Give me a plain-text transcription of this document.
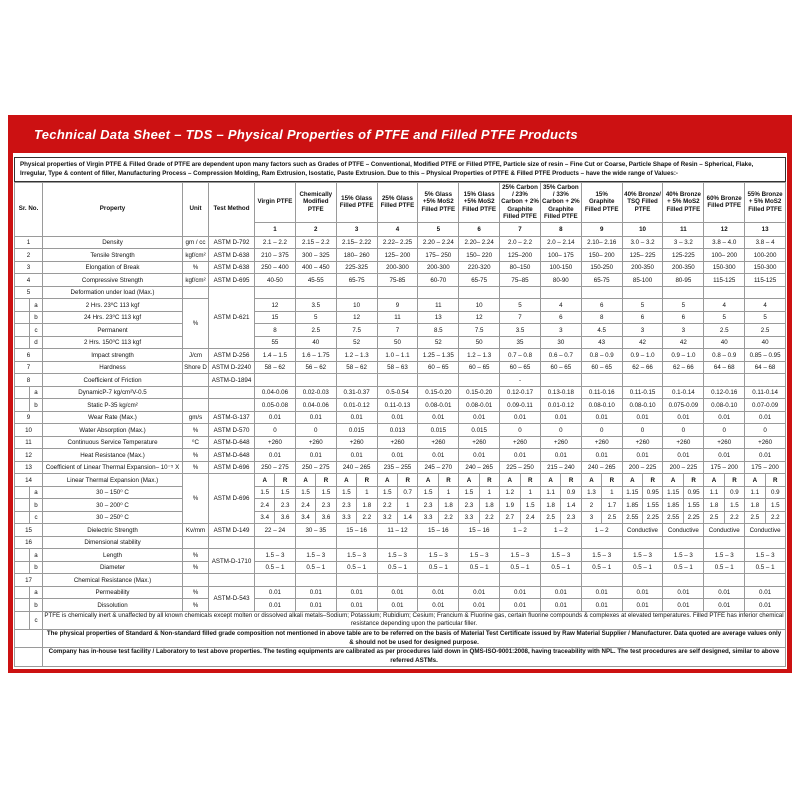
Technical Data Sheet – TDS – Physical Properties of PTFE and Filled PTFE Products
Physical properties of Virgin PTFE & Filled Grade of PTFE are dependent upon many factors such as Grades of PTFE – Conventional, Modified PTFE or Filled PTFE, Particle size of resin – Fine Cut or Coarse, Particle Shape of Resin – Spherical, Flake, Irregular, Type & content of filler, Manufacturing Process – Compression Molding, Ram Extrusion, Isostatic, Paste Extrusion. Due to this – Physical Properties of PTFE & Filled PTFE Products – have the wide range of Values:-
Sr. No.		Property	Unit	Test Method	Virgin PTFE		Chemically Modified PTFE		15% Glass Filled PTFE		25% Glass Filled PTFE		5% Glass +5% MoS2 Filled PTFE		15% Glass +5% MoS2 Filled PTFE		25% Carbon / 23% Carbon + 2% Graphite Filled PTFE		35% Carbon / 33% Carbon + 2% Graphite Filled PTFE		15% Graphite Filled PTFE		40% Bronze/ TSQ Filled PTFE		40% Bronze + 5% MoS2 Filled PTFE		60% Bronze Filled PTFE		55% Bronze + 5% MoS2 Filled PTFE	
					1		2		3		4		5		6		7		8		9		10		11		12		13	
1		Density	gm / cc	ASTM D-792	2.1 – 2.2		2.15 – 2.2		2.15– 2.22		2.22– 2.25		2.20 – 2.24		2.20– 2.24		2.0 – 2.2		2.0 – 2.14		2.10– 2.16		3.0 – 3.2		3 – 3.2		3.8 – 4.0		3.8 – 4	
2		Tensile Strength	kgf/cm²	ASTM D-638	210 – 375		300 – 325		180– 260		125– 200		175– 250		150– 220		125–200		100– 175		150– 200		125– 225		125-225		100– 200		100-200	
3		Elongation of Break	%	ASTM D-638	250 – 400		400 – 450		225-325		200-300		200-300		220-320		80–150		100-150		150-250		200-350		200-350		150-300		150-300	
4		Compressive Strength	kgf/cm²	ASTM D-695	40-50		45-55		65-75		75-85		60-70		65-75		75–85		80-90		65-75		85-100		80-95		115-125		115-125	
5		Deformation under load (Max.)		ASTM D-621																										
	a	2 Hrs. 23⁰C 113 kgf	%		12		3.5		10		9		11		10		5		4		6		5		5		4		4	
	b	24 Hrs. 23⁰C 113 kgf			15		5		12		11		13		12		7		6		8		6		6		5		5	
	c	Permanent			8		2.5		7.5		7		8.5		7.5		3.5		3		4.5		3		3		2.5		2.5	
	d	2 Hrs. 150⁰C 113 kgf			55		40		52		50		52		50		35		30		43		42		42		40		40	
6		Impact strength	J/cm	ASTM D-256	1.4 – 1.5		1.6 – 1.75		1.2 – 1.3		1.0 – 1.1		1.25 – 1.35		1.2 – 1.3		0.7 – 0.8		0.6 – 0.7		0.8 – 0.9		0.9 – 1.0		0.9 – 1.0		0.8 – 0.9		0.85 – 0.95	
7		Hardness	Shore D	ASTM D-2240	58 – 62		56 – 62		58 – 62		58 – 63		60 – 65		60 – 65		60 – 65		60 – 65		60 – 65		62 – 66		62 – 66		64 – 68		64 – 68	
8		Coefficient of Friction		ASTM-D-1894													-													
	a	DynamicP-7 kg/cm²V-0.5			0.04-0.06		0.02-0.03		0.31-0.37		0.5-0.54		0.15-0.20		0.15-0.20		0.12-0.17		0.13-0.18		0.11-0.16		0.11-0.15		0.1-0.14		0.12-0.16		0.11-0.14	
	b	Static P-35 kg/cm²			0.05-0.08		0.04-0.06		0.01-0.12		0.11-0.13		0.08-0.01		0.08-0.01		0.09-0.11		0.01-0.12		0.08-0.10		0.08-0.10		0.075-0.09		0.08-0.10		0.07-0.09	
9		Wear Rate (Max.)	gm/s	ASTM-G-137	0.01		0.01		0.01		0.01		0.01		0.01		0.01		0.01		0.01		0.01		0.01		0.01		0.01	
10		Water Absorption (Max.)	%	ASTM D-570	0		0		0.015		0.013		0.015		0.015		0		0		0		0		0		0		0	
11		Continuous Service Temperature	⁰C	ASTM-D-648	+260		+260		+260		+260		+260		+260		+260		+260		+260		+260		+260		+260		+260	
12		Heat Resistance (Max.)	%	ASTM-D-648	0.01		0.01		0.01		0.01		0.01		0.01		0.01		0.01		0.01		0.01		0.01		0.01		0.01	
13		Coefficient of Linear Thermal Expansion– 10⁻⁵ X	%	ASTM D-696	250 – 275		250 – 275		240 – 265		235 – 255		245 – 270		240 – 265		225 – 250		215 – 240		240 – 265		200 – 225		200 – 225		175 – 200		175 – 200	
14		Linear Thermal Expansion (Max.)	%	ASTM D-696	A	R	A	R	A	R	A	R	A	R	A	R	A	R	A	R	A	R	A	R	A	R	A	R	A	R
	a	30 – 150⁰ C			1.5	1.5	1.5	1.5	1.5	1	1.5	0.7	1.5	1	1.5	1	1.2	1	1.1	0.9	1.3	1	1.15	0.95	1.15	0.95	1.1	0.9	1.1	0.9
	b	30 – 200⁰ C			2.4	2.3	2.4	2.3	2.3	1.8	2.2	1	2.3	1.8	2.3	1.8	1.9	1.5	1.8	1.4	2	1.7	1.85	1.55	1.85	1.55	1.8	1.5	1.8	1.5
	c	30 – 250⁰ C			3.4	3.6	3.4	3.6	3.3	2.2	3.2	1.4	3.3	2.2	3.3	2.2	2.7	2.4	2.5	2.3	3	2.5	2.55	2.25	2.55	2.25	2.5	2.2	2.5	2.2
15		Dielectric Strength	Kv/mm	ASTM D-149	22 – 24		30 – 35		15 – 16		11 – 12		15 – 16		15 – 16		1 – 2		1 – 2		1 – 2		Conductive		Conductive		Conductive		Conductive	
16		Dimensional stability																												
	a	Length	%	ASTM-D-1710	1.5 – 3		1.5 – 3		1.5 – 3		1.5 – 3		1.5 – 3		1.5 – 3		1.5 – 3		1.5 – 3		1.5 – 3		1.5 – 3		1.5 – 3		1.5 – 3		1.5 – 3	
	b	Diameter	%		0.5 – 1		0.5 – 1		0.5 – 1		0.5 – 1		0.5 – 1		0.5 – 1		0.5 – 1		0.5 – 1		0.5 – 1		0.5 – 1		0.5 – 1		0.5 – 1		0.5 – 1	
17		Chemical Resistance (Max.)																												
	a	Permeability	%	ASTM-D-543	0.01		0.01		0.01		0.01		0.01		0.01		0.01		0.01		0.01		0.01		0.01		0.01		0.01	
	b	Dissolution	%		0.01		0.01		0.01		0.01		0.01		0.01		0.01		0.01		0.01		0.01		0.01		0.01		0.01	
	c	PTFE is chemically inert & unaffected by all known chemicals except molten or dissolved alkali metals–Sodium; Potassium; Rubidium; Cesium; Francium & Fluorine gas, certain fluorine compounds & complexes at elevated temperatures. Filled PTFE has inferior chemical resistance depending upon the particular filler.																												
		The physical properties of Standard & Non-standard filled grade composition not mentioned in above table are to be referred on the basis of Material Test Certificate issued by Raw Material Supplier / Manufacturer. Data quoted are average values only & should not be used for designed purpose.																												
		Company has in-house test facility / Laboratory to test above properties. The testing equipments are calibrated as per procedures laid down in QMS-ISO-9001:2008, having traceability with NPL. The test procedures are self designed, similar to above referred ASTMs.																												
